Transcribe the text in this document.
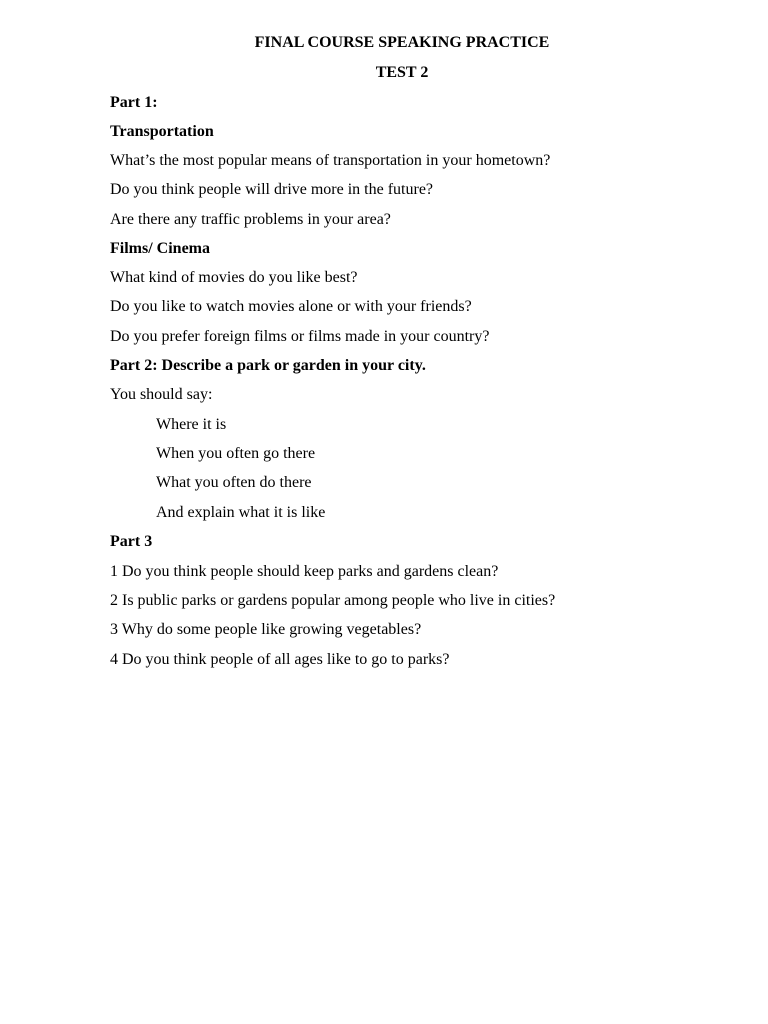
FINAL COURSE SPEAKING PRACTICE

TEST 2

Part 1:

Transportation

What’s the most popular means of transportation in your hometown?

Do you think people will drive more in the future?

Are there any traffic problems in your area?

Films/ Cinema

What kind of movies do you like best?

Do you like to watch movies alone or with your friends?

Do you prefer foreign films or films made in your country?

Part 2: Describe a park or garden in your city.

You should say:

Where it is

When you often go there

What you often do there

And explain what it is like

Part 3

1 Do you think people should keep parks and gardens clean?

2 Is public parks or gardens popular among people who live in cities?

3 Why do some people like growing vegetables?

4 Do you think people of all ages like to go to parks?
